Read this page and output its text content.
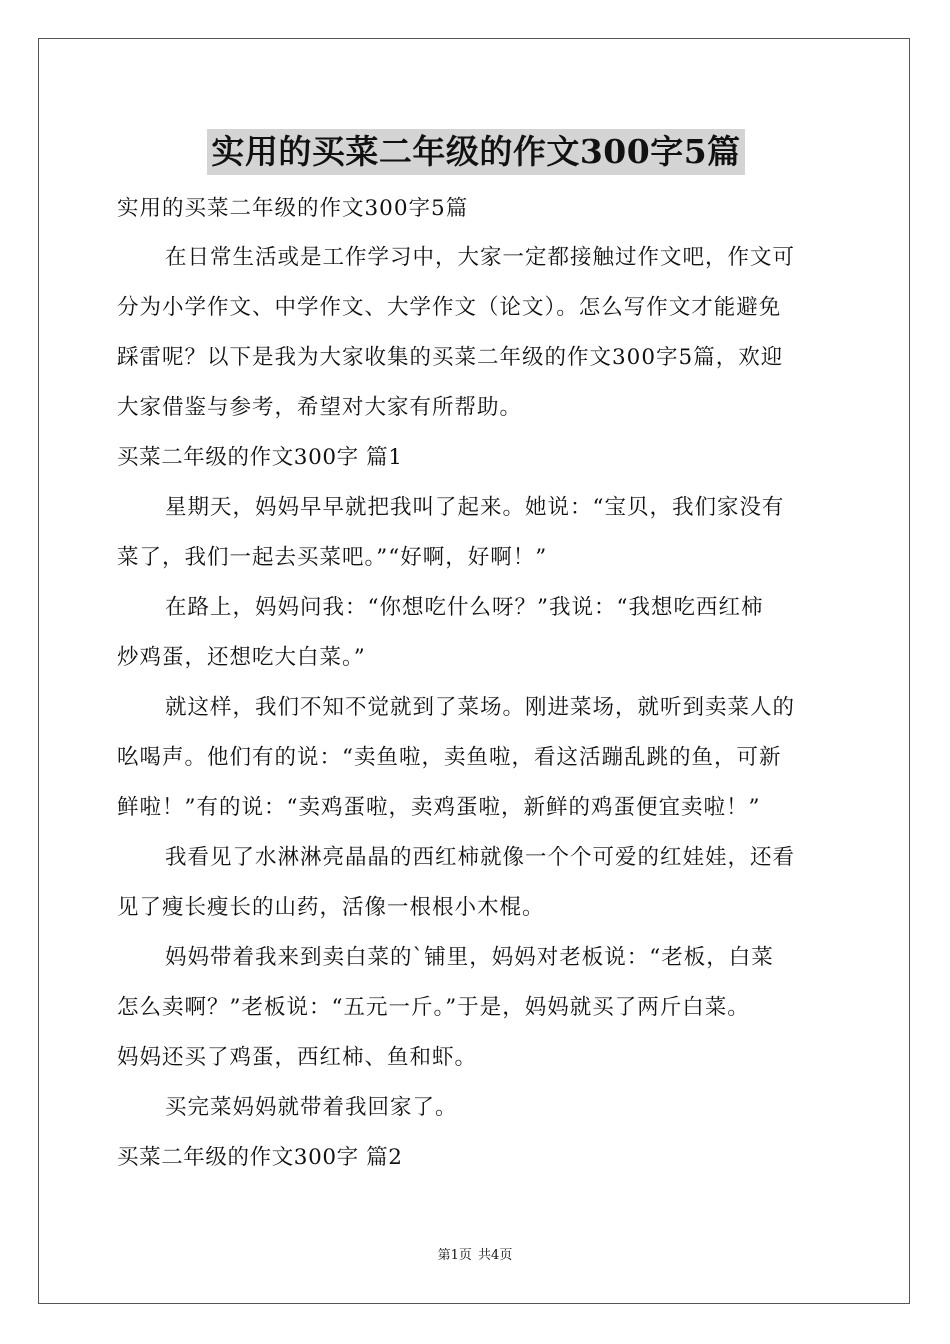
实用的买菜二年级的作文300字5篇
实用的买菜二年级的作文300字5篇
在日常生活或是工作学习中，大家一定都接触过作文吧，作文可
分为小学作文、中学作文、大学作文（论文）。怎么写作文才能避免
踩雷呢？以下是我为大家收集的买菜二年级的作文300字5篇，欢迎
大家借鉴与参考，希望对大家有所帮助。
买菜二年级的作文300字 篇1
星期天，妈妈早早就把我叫了起来。她说：“宝贝，我们家没有
菜了，我们一起去买菜吧。”“好啊，好啊！”
在路上，妈妈问我：“你想吃什么呀？”我说：“我想吃西红柿
炒鸡蛋，还想吃大白菜。”
就这样，我们不知不觉就到了菜场。刚进菜场，就听到卖菜人的
吆喝声。他们有的说：“卖鱼啦，卖鱼啦，看这活蹦乱跳的鱼，可新
鲜啦！”有的说：“卖鸡蛋啦，卖鸡蛋啦，新鲜的鸡蛋便宜卖啦！”
我看见了水淋淋亮晶晶的西红柿就像一个个可爱的红娃娃，还看
见了瘦长瘦长的山药，活像一根根小木棍。
妈妈带着我来到卖白菜的`铺里，妈妈对老板说：“老板，白菜
怎么卖啊？”老板说：“五元一斤。”于是，妈妈就买了两斤白菜。
妈妈还买了鸡蛋，西红柿、鱼和虾。
买完菜妈妈就带着我回家了。
买菜二年级的作文300字 篇2
第1页 共4页
